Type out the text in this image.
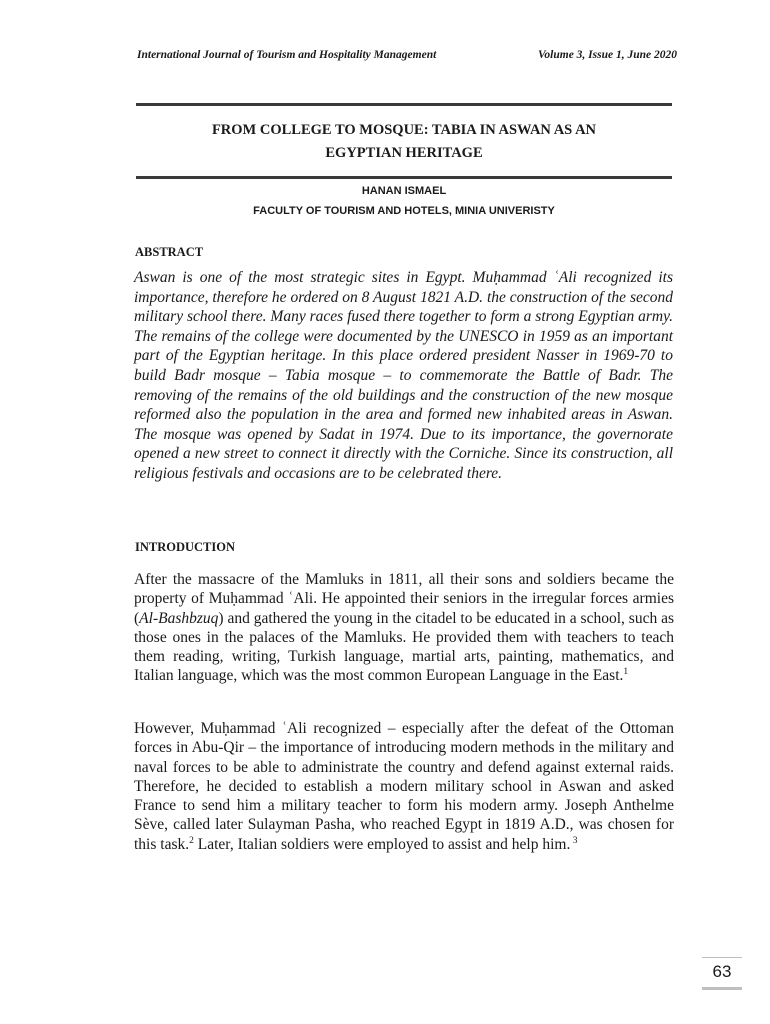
International Journal of Tourism and Hospitality Management	Volume 3, Issue 1, June 2020
FROM COLLEGE TO MOSQUE: TABIA IN ASWAN AS AN
EGYPTIAN HERITAGE
HANAN ISMAEL
FACULTY OF TOURISM AND HOTELS, MINIA UNIVERISTY
ABSTRACT

Aswan is one of the most strategic sites in Egypt. Muḥammad ʿAli recognized its importance, therefore he ordered on 8 August 1821 A.D. the construction of the second military school there. Many races fused there together to form a strong Egyptian army. The remains of the college were documented by the UNESCO in 1959 as an important part of the Egyptian heritage. In this place ordered president Nasser in 1969-70 to build Badr mosque – Tabia mosque – to commemorate the Battle of Badr. The removing of the remains of the old buildings and the construction of the new mosque reformed also the population in the area and formed new inhabited areas in Aswan. The mosque was opened by Sadat in 1974. Due to its importance, the governorate opened a new street to connect it directly with the Corniche. Since its construction, all religious festivals and occasions are to be celebrated there.

INTRODUCTION

After the massacre of the Mamluks in 1811, all their sons and soldiers became the property of Muḥammad ʿAli. He appointed their seniors in the irregular forces armies (Al-Bashbzuq) and gathered the young in the citadel to be educated in a school, such as those ones in the palaces of the Mamluks. He provided them with teachers to teach them reading, writing, Turkish language, martial arts, painting, mathematics, and Italian language, which was the most common European Language in the East.$^1$

However, Muḥammad ʿAli recognized – especially after the defeat of the Ottoman forces in Abu-Qir – the importance of introducing modern methods in the military and naval forces to be able to administrate the country and defend against external raids. Therefore, he decided to establish a modern military school in Aswan and asked France to send him a military teacher to form his modern army. Joseph Anthelme Sève, called later Sulayman Pasha, who reached Egypt in 1819 A.D., was chosen for this task.$^2$ Later, Italian soldiers were employed to assist and help him. $^3$

63
